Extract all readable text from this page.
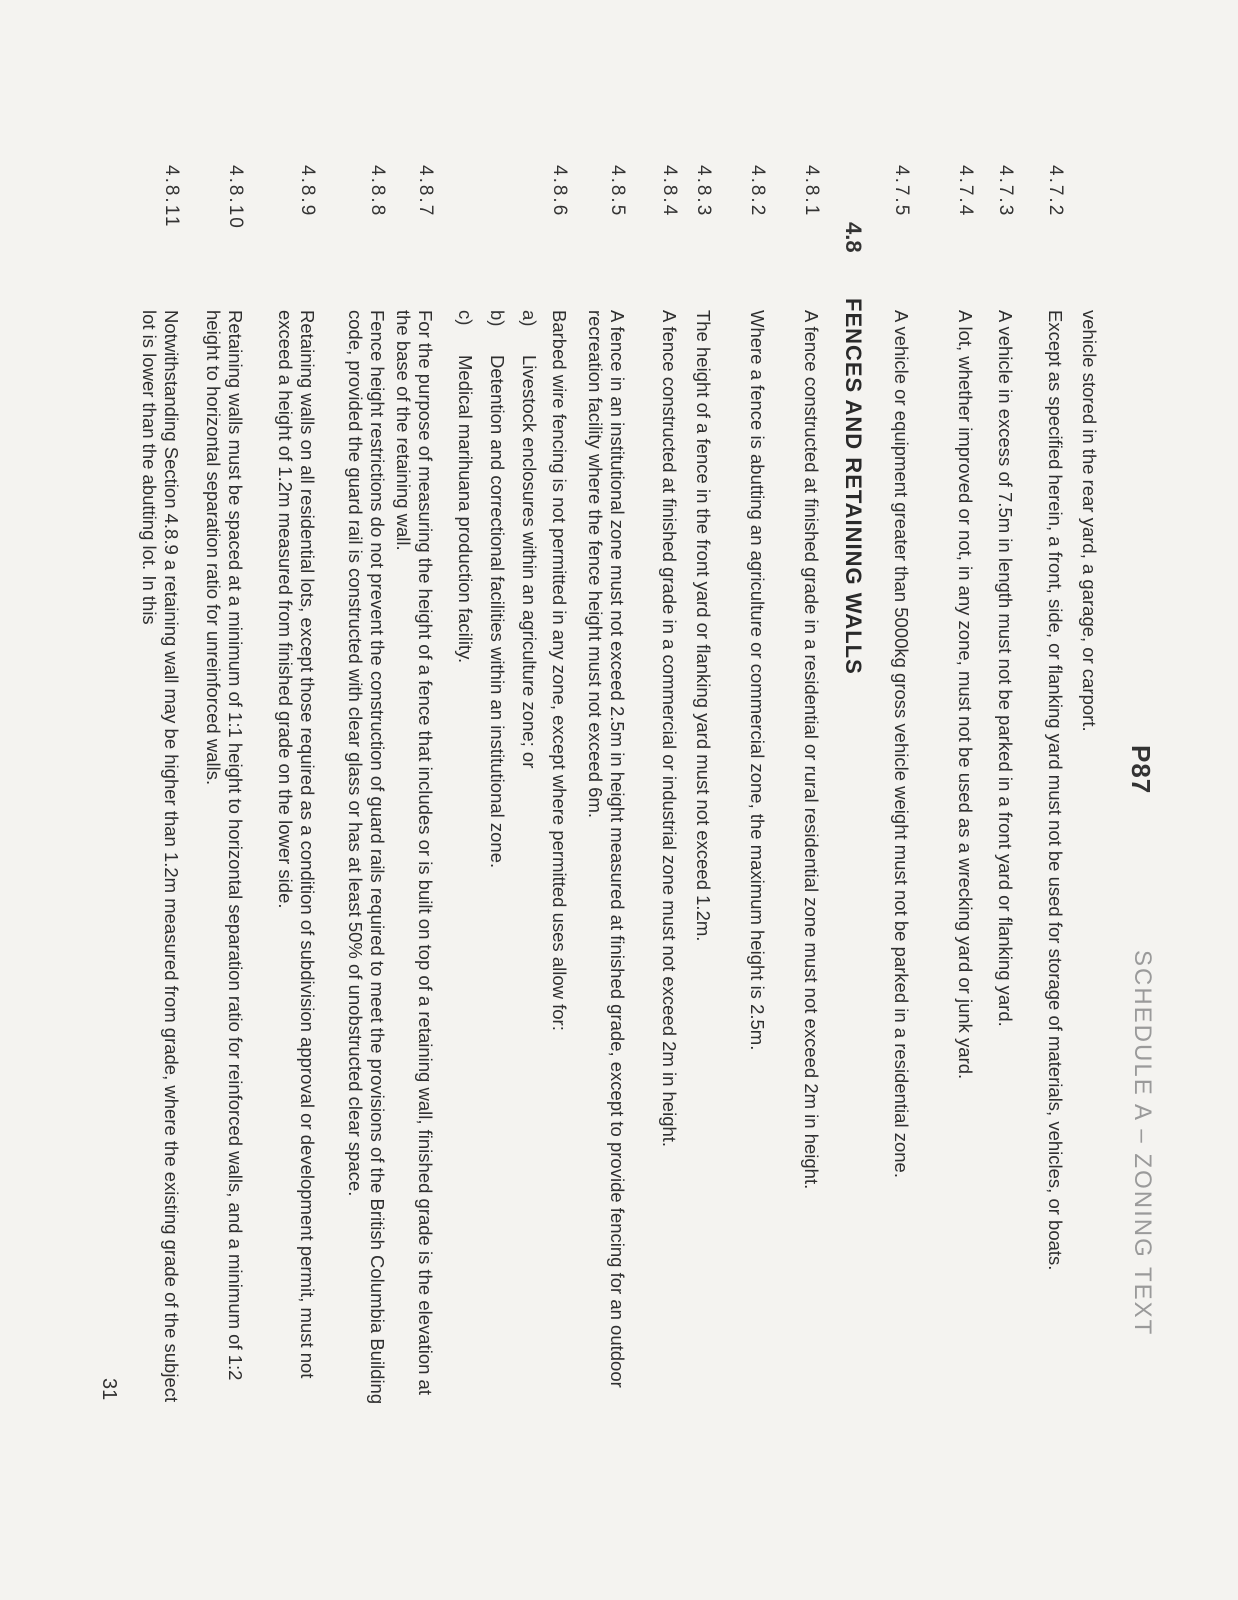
P87
SCHEDULE A – ZONING TEXT
31
vehicle stored in the rear yard, a garage, or carport.
4.7.2
Except as specified herein, a front, side, or flanking yard must not be used for storage of materials, vehicles, or boats.
4.7.3
A vehicle in excess of 7.5m in length must not be parked in a front yard or flanking yard.
4.7.4
A lot, whether improved or not, in any zone, must not be used as a wrecking yard or junk yard.
4.7.5
A vehicle or equipment greater than 5000kg gross vehicle weight must not be parked in a residential zone.
4.8
FENCES AND RETAINING WALLS
4.8.1
A fence constructed at finished grade in a residential or rural residential zone must not exceed 2m in height.
4.8.2
Where a fence is abutting an agriculture or commercial zone, the maximum height is 2.5m.
4.8.3
The height of a fence in the front yard or flanking yard must not exceed 1.2m.
4.8.4
A fence constructed at finished grade in a commercial or industrial zone must not exceed 2m in height.
4.8.5
A fence in an institutional zone must not exceed 2.5m in height measured at finished grade, except to provide fencing for an outdoor recreation facility where the fence height must not exceed 6m.
4.8.6
Barbed wire fencing is not permitted in any zone, except where permitted uses allow for:
a)
Livestock enclosures within an agriculture zone; or
b)
Detention and correctional facilities within an institutional zone.
c)
Medical marihuana production facility.
4.8.7
For the purpose of measuring the height of a fence that includes or is built on top of a retaining wall, finished grade is the elevation at the base of the retaining wall.
4.8.8
Fence height restrictions do not prevent the construction of guard rails required to meet the provisions of the British Columbia Building code, provided the guard rail is constructed with clear glass or has at least 50% of unobstructed clear space.
4.8.9
Retaining walls on all residential lots, except those required as a condition of subdivision approval or development permit, must not exceed a height of 1.2m measured from finished grade on the lower side.
4.8.10
Retaining walls must be spaced at a minimum of 1:1 height to horizontal separation ratio for reinforced walls, and a minimum of 1:2 height to horizontal separation ratio for unreinforced walls.
4.8.11
Notwithstanding Section 4.8.9 a retaining wall may be higher than 1.2m measured from grade, where the existing grade of the subject lot is lower than the abutting lot. In this
